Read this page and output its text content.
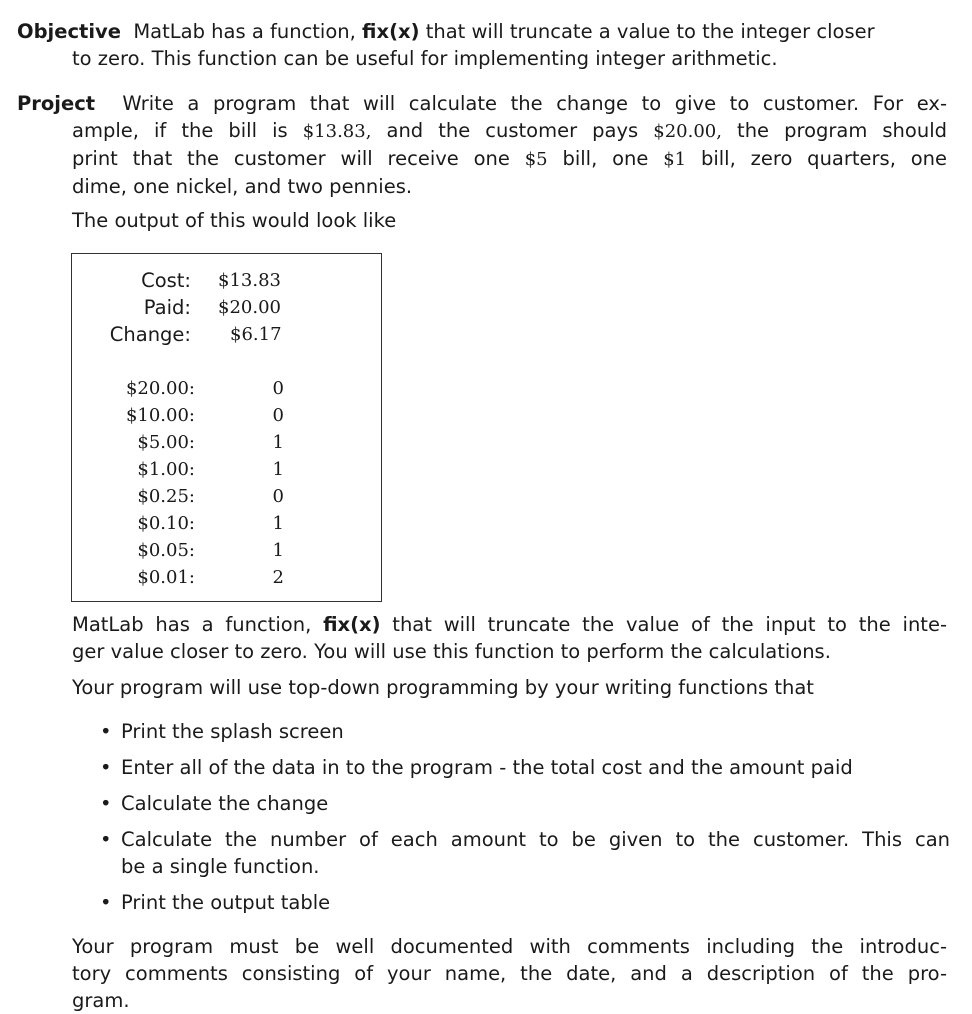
Objective MatLab has a function, fix(x) that will truncate a value to the integer closer
to zero. This function can be useful for implementing integer arithmetic.
Project Write a program that will calculate the change to give to customer. For ex-
ample, if the bill is $13.83, and the customer pays $20.00, the program should
print that the customer will receive one $5 bill, one $1 bill, zero quarters, one
dime, one nickel, and two pennies.
The output of this would look like
Cost: $13.83
Paid: $20.00
Change: $6.17
$20.00:	0
$10.00:	0
$5.00:	1
$1.00:	1
$0.25:	0
$0.10:	1
$0.05:	1
$0.01:	2
MatLab has a function, fix(x) that will truncate the value of the input to the inte-
ger value closer to zero. You will use this function to perform the calculations.
Your program will use top-down programming by your writing functions that
• Print the splash screen
• Enter all of the data in to the program - the total cost and the amount paid
• Calculate the change
• Calculate the number of each amount to be given to the customer. This can
be a single function.
• Print the output table
Your program must be well documented with comments including the introduc-
tory comments consisting of your name, the date, and a description of the pro-
gram.
